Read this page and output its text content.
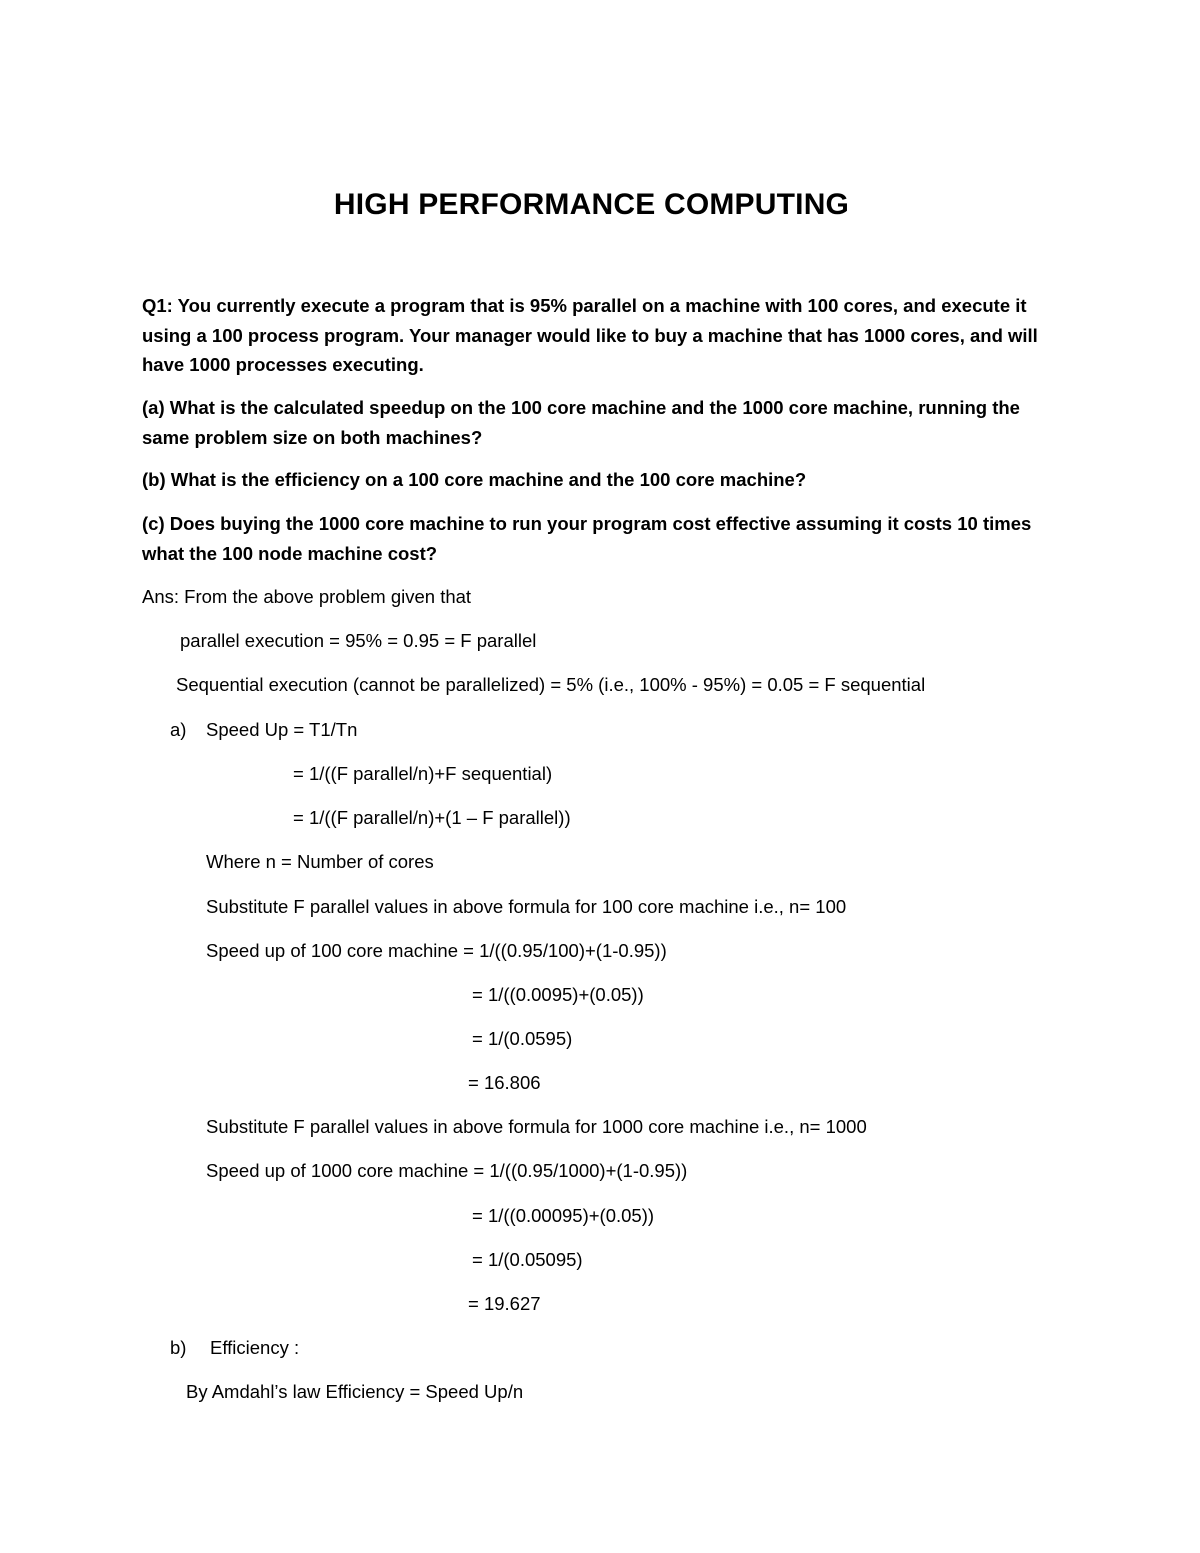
HIGH PERFORMANCE COMPUTING
Q1: You currently execute a program that is 95% parallel on a machine with 100 cores, and execute it using a 100 process program. Your manager would like to buy a machine that has 1000 cores, and will have 1000 processes executing.
(a) What is the calculated speedup on the 100 core machine and the 1000 core machine, running the same problem size on both machines?
(b) What is the efficiency on a 100 core machine and the 100 core machine?
(c) Does buying the 1000 core machine to run your program cost effective assuming it costs 10 times what the 100 node machine cost?
Ans: From the above problem given that
parallel execution = 95% = 0.95 = F parallel
Sequential execution (cannot be parallelized) = 5% (i.e., 100% - 95%) = 0.05 = F sequential
a) Speed Up = T1/Tn
= 1/((F parallel/n)+F sequential)
= 1/((F parallel/n)+(1 – F parallel))
Where n = Number of cores
Substitute F parallel values in above formula for 100 core machine i.e., n= 100
Speed up of 100 core machine = 1/((0.95/100)+(1-0.95))
= 1/((0.0095)+(0.05))
= 1/(0.0595)
= 16.806
Substitute F parallel values in above formula for 1000 core machine i.e., n= 1000
Speed up of 1000 core machine = 1/((0.95/1000)+(1-0.95))
= 1/((0.00095)+(0.05))
= 1/(0.05095)
= 19.627
b) Efficiency :
By Amdahl’s law Efficiency = Speed Up/n
